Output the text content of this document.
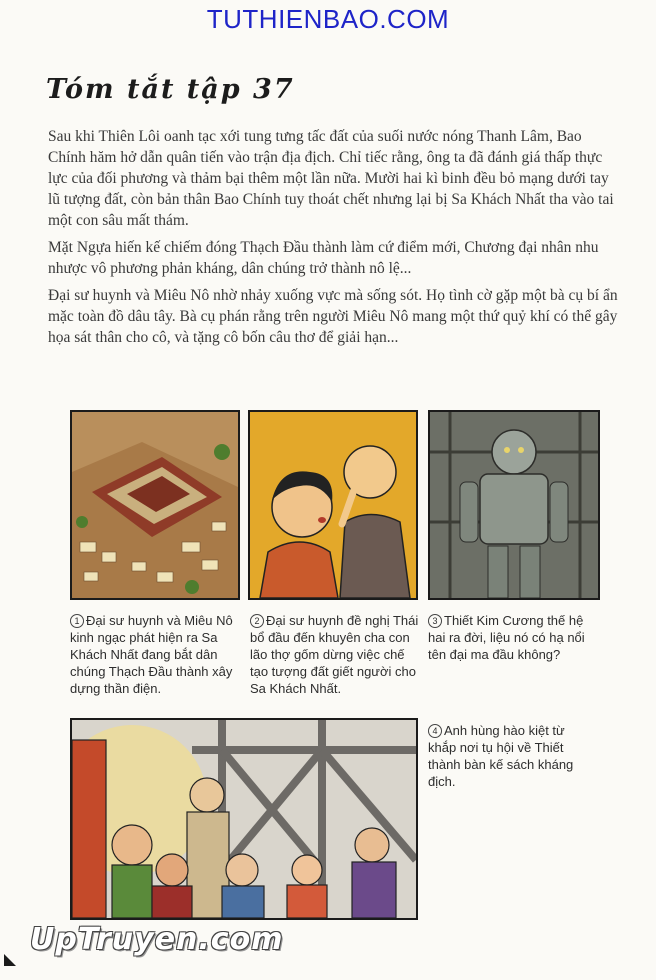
TUTHIENBAO.COM
Tóm tắt tập 37

Sau khi Thiên Lôi oanh tạc xới tung tưng tấc đất của suối nước nóng Thanh Lâm, Bao Chính hăm hở dẫn quân tiến vào trận địa địch. Chỉ tiếc rằng, ông ta đã đánh giá thấp thực lực của đối phương và thảm bại thêm một lần nữa. Mười hai kì binh đều bỏ mạng dưới tay lũ tượng đất, còn bản thân Bao Chính tuy thoát chết nhưng lại bị Sa Khách Nhất tha vào tai một con sâu mất thám.

Mặt Ngựa hiến kế chiếm đóng Thạch Đầu thành làm cứ điểm mới, Chương đại nhân nhu nhược vô phương phản kháng, dân chúng trở thành nô lệ...

Đại sư huynh và Miêu Nô nhờ nhảy xuống vực mà sống sót. Họ tình cờ gặp một bà cụ bí ẩn mặc toàn đồ dâu tây. Bà cụ phán rằng trên người Miêu Nô mang một thứ quỷ khí có thể gây họa sát thân cho cô, và tặng cô bốn câu thơ để giải hạn...

1 Đại sư huynh và Miêu Nô kinh ngạc phát hiện ra Sa Khách Nhất đang bắt dân chúng Thạch Đầu thành xây dựng thần điện.
2 Đại sư huynh đề nghị Thái bổ đầu đến khuyên cha con lão thợ gốm dừng việc chế tạo tượng đất giết người cho Sa Khách Nhất.
3 Thiết Kim Cương thế hệ hai ra đời, liệu nó có hạ nổi tên đại ma đầu không?
4 Anh hùng hào kiệt từ khắp nơi tụ hội về Thiết thành bàn kế sách kháng địch.
UpTruyen.com
